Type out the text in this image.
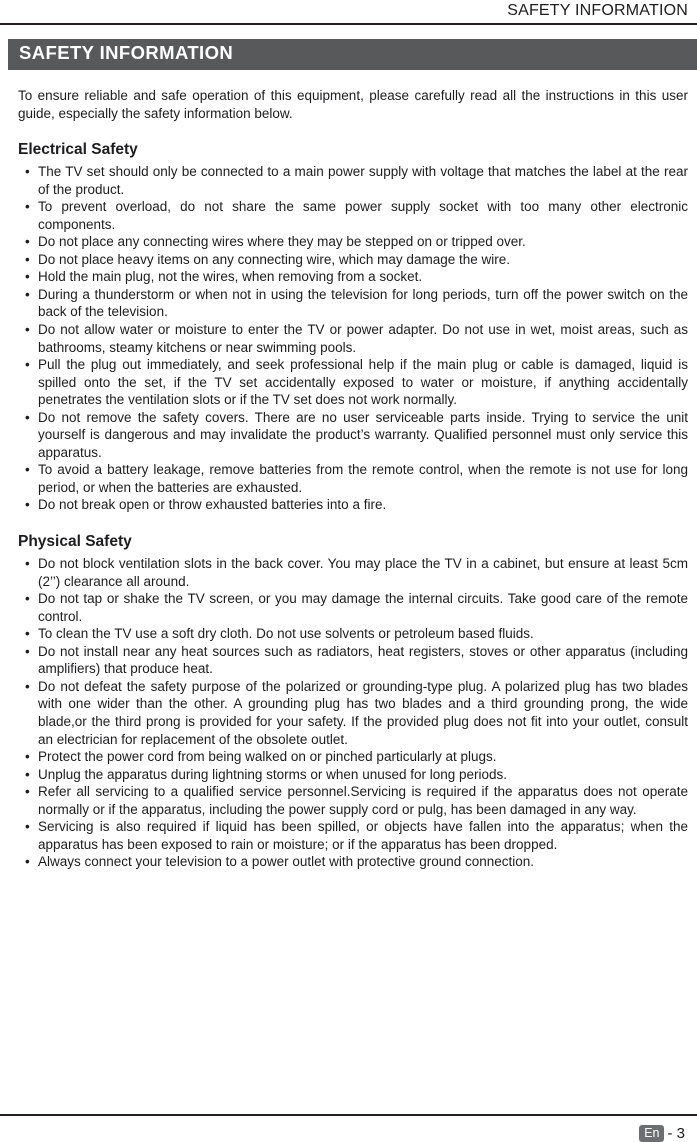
SAFETY INFORMATION
SAFETY INFORMATION

To ensure reliable and safe operation of this equipment, please carefully read all the instructions in this user guide, especially the safety information below.

Electrical Safety
• The TV set should only be connected to a main power supply with voltage that matches the label at the rear of the product.
• To prevent overload, do not share the same power supply socket with too many other electronic components.
• Do not place any connecting wires where they may be stepped on or tripped over.
• Do not place heavy items on any connecting wire, which may damage the wire.
• Hold the main plug, not the wires, when removing from a socket.
• During a thunderstorm or when not in using the television for long periods, turn off the power switch on the back of the television.
• Do not allow water or moisture to enter the TV or power adapter. Do not use in wet, moist areas, such as bathrooms, steamy kitchens or near swimming pools.
• Pull the plug out immediately, and seek professional help if the main plug or cable is damaged, liquid is spilled onto the set, if the TV set accidentally exposed to water or moisture, if anything accidentally penetrates the ventilation slots or if the TV set does not work normally.
• Do not remove the safety covers. There are no user serviceable parts inside. Trying to service the unit yourself is dangerous and may invalidate the product’s warranty. Qualified personnel must only service this apparatus.
• To avoid a battery leakage, remove batteries from the remote control, when the remote is not use for long period, or when the batteries are exhausted.
• Do not break open or throw exhausted batteries into a fire.
Physical Safety
• Do not block ventilation slots in the back cover. You may place the TV in a cabinet, but ensure at least 5cm (2’’) clearance all around.
• Do not tap or shake the TV screen, or you may damage the internal circuits. Take good care of the remote control.
• To clean the TV use a soft dry cloth. Do not use solvents or petroleum based fluids.
• Do not install near any heat sources such as radiators, heat registers, stoves or other apparatus (including amplifiers) that produce heat.
• Do not defeat the safety purpose of the polarized or grounding-type plug. A polarized plug has two blades with one wider than the other. A grounding plug has two blades and a third grounding prong, the wide blade,or the third prong is provided for your safety. If the provided plug does not fit into your outlet, consult an electrician for replacement of the obsolete outlet.
• Protect the power cord from being walked on or pinched particularly at plugs.
• Unplug the apparatus during lightning storms or when unused for long periods.
• Refer all servicing to a qualified service personnel.Servicing is required if the apparatus does not operate normally or if the apparatus, including the power supply cord or pulg, has been damaged in any way.
• Servicing is also required if liquid has been spilled, or objects have fallen into the apparatus; when the apparatus has been exposed to rain or moisture; or if the apparatus has been dropped.
• Always connect your television to a power outlet with protective ground connection.
En - 3
